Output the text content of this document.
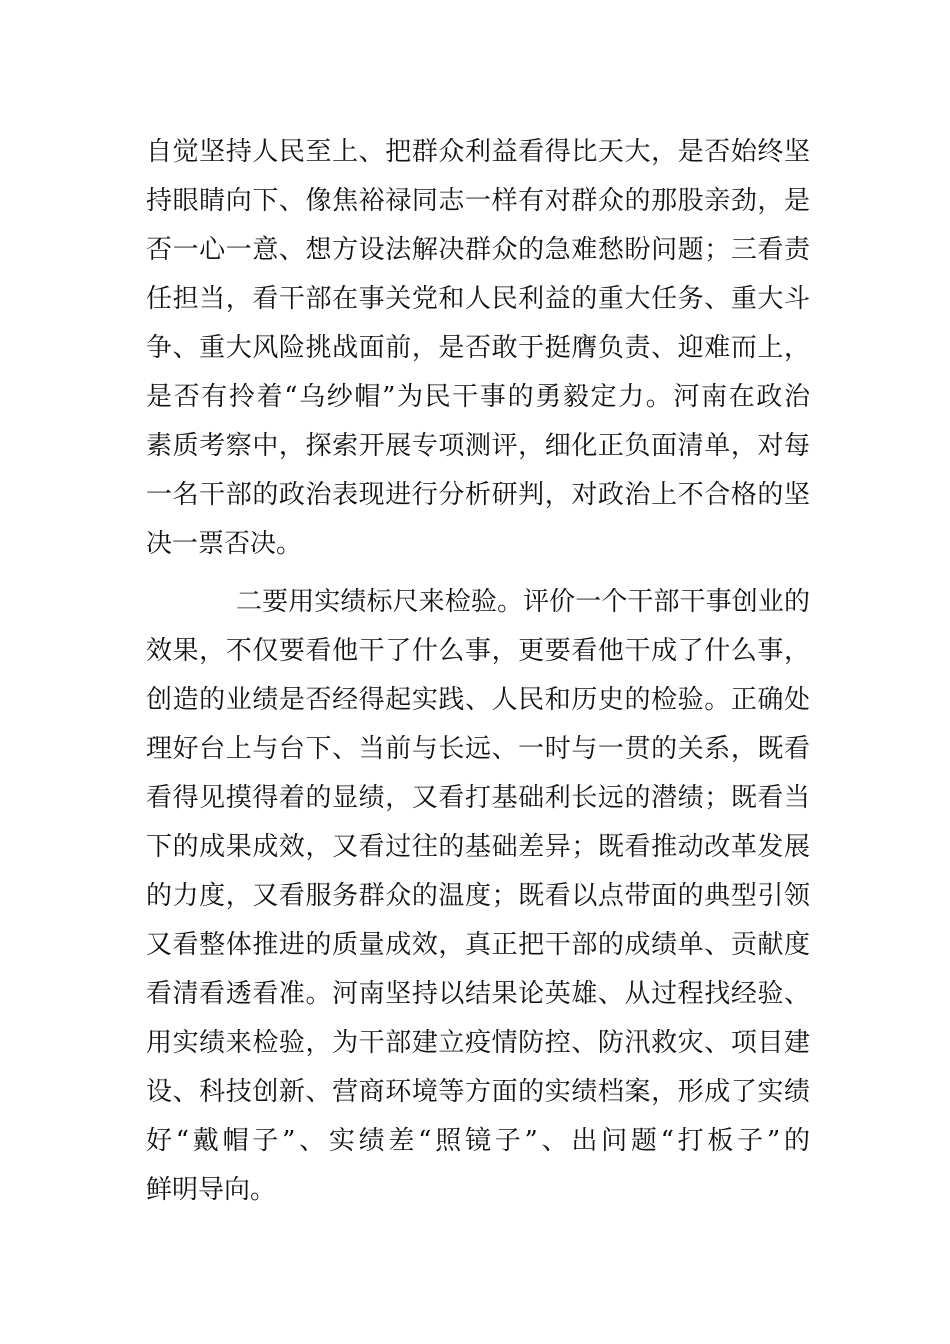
自觉坚持人民至上、把群众利益看得比天大，是否始终坚
持眼睛向下、像焦裕禄同志一样有对群众的那股亲劲，是
否一心一意、想方设法解决群众的急难愁盼问题；三看责
任担当，看干部在事关党和人民利益的重大任务、重大斗
争、重大风险挑战面前，是否敢于挺膺负责、迎难而上，
是否有拎着“乌纱帽”为民干事的勇毅定力。河南在政治
素质考察中，探索开展专项测评，细化正负面清单，对每
一名干部的政治表现进行分析研判，对政治上不合格的坚
决一票否决。
二要用实绩标尺来检验。评价一个干部干事创业的
效果，不仅要看他干了什么事，更要看他干成了什么事，
创造的业绩是否经得起实践、人民和历史的检验。正确处
理好台上与台下、当前与长远、一时与一贯的关系，既看
看得见摸得着的显绩，又看打基础利长远的潜绩；既看当
下的成果成效，又看过往的基础差异；既看推动改革发展
的力度，又看服务群众的温度；既看以点带面的典型引领
又看整体推进的质量成效，真正把干部的成绩单、贡献度
看清看透看准。河南坚持以结果论英雄、从过程找经验、
用实绩来检验，为干部建立疫情防控、防汛救灾、项目建
设、科技创新、营商环境等方面的实绩档案，形成了实绩
好“戴帽子”、实绩差“照镜子”、出问题“打板子”的
鲜明导向。
